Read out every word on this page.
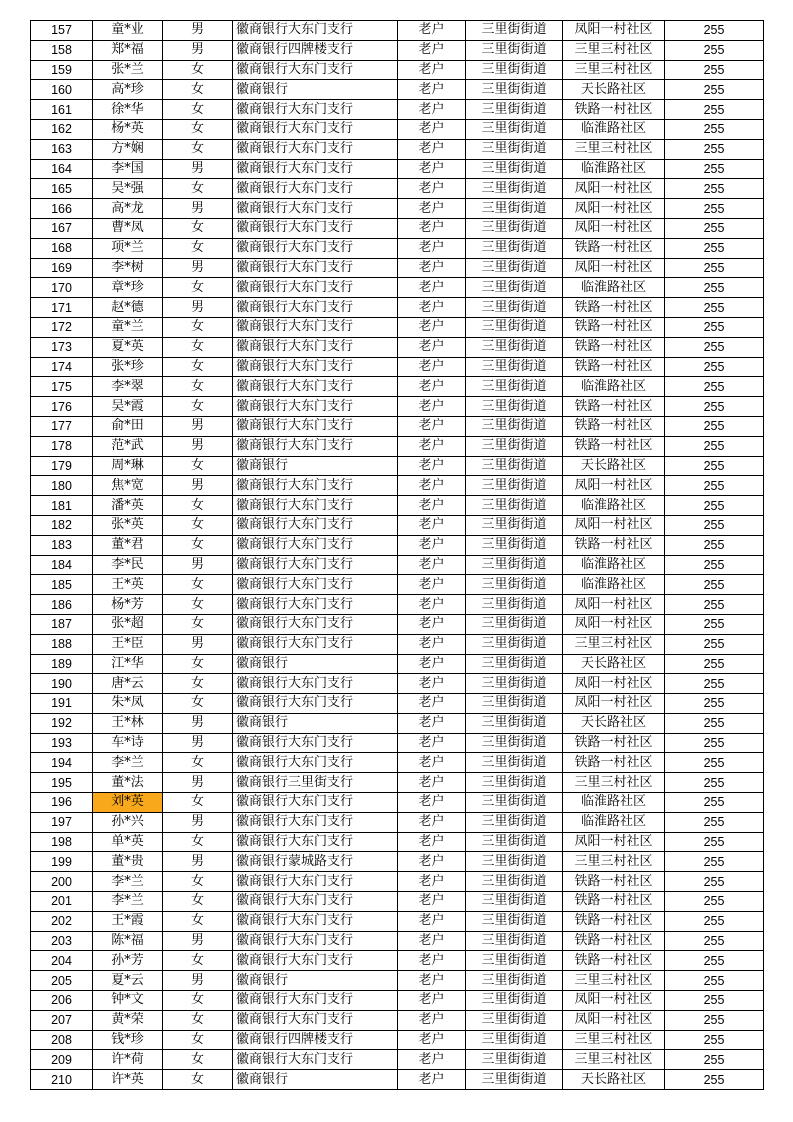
157	童*业	男	徽商银行大东门支行	老户	三里街街道	凤阳一村社区	255
158	郑*福	男	徽商银行四牌楼支行	老户	三里街街道	三里三村社区	255
159	张*兰	女	徽商银行大东门支行	老户	三里街街道	三里三村社区	255
160	高*珍	女	徽商银行	老户	三里街街道	天长路社区	255
161	徐*华	女	徽商银行大东门支行	老户	三里街街道	铁路一村社区	255
162	杨*英	女	徽商银行大东门支行	老户	三里街街道	临淮路社区	255
163	方*娴	女	徽商银行大东门支行	老户	三里街街道	三里三村社区	255
164	李*国	男	徽商银行大东门支行	老户	三里街街道	临淮路社区	255
165	吴*强	女	徽商银行大东门支行	老户	三里街街道	凤阳一村社区	255
166	高*龙	男	徽商银行大东门支行	老户	三里街街道	凤阳一村社区	255
167	曹*凤	女	徽商银行大东门支行	老户	三里街街道	凤阳一村社区	255
168	项*兰	女	徽商银行大东门支行	老户	三里街街道	铁路一村社区	255
169	李*树	男	徽商银行大东门支行	老户	三里街街道	凤阳一村社区	255
170	章*珍	女	徽商银行大东门支行	老户	三里街街道	临淮路社区	255
171	赵*德	男	徽商银行大东门支行	老户	三里街街道	铁路一村社区	255
172	童*兰	女	徽商银行大东门支行	老户	三里街街道	铁路一村社区	255
173	夏*英	女	徽商银行大东门支行	老户	三里街街道	铁路一村社区	255
174	张*珍	女	徽商银行大东门支行	老户	三里街街道	铁路一村社区	255
175	李*翠	女	徽商银行大东门支行	老户	三里街街道	临淮路社区	255
176	吴*霞	女	徽商银行大东门支行	老户	三里街街道	铁路一村社区	255
177	俞*田	男	徽商银行大东门支行	老户	三里街街道	铁路一村社区	255
178	范*武	男	徽商银行大东门支行	老户	三里街街道	铁路一村社区	255
179	周*琳	女	徽商银行	老户	三里街街道	天长路社区	255
180	焦*宽	男	徽商银行大东门支行	老户	三里街街道	凤阳一村社区	255
181	潘*英	女	徽商银行大东门支行	老户	三里街街道	临淮路社区	255
182	张*英	女	徽商银行大东门支行	老户	三里街街道	凤阳一村社区	255
183	董*君	女	徽商银行大东门支行	老户	三里街街道	铁路一村社区	255
184	李*民	男	徽商银行大东门支行	老户	三里街街道	临淮路社区	255
185	王*英	女	徽商银行大东门支行	老户	三里街街道	临淮路社区	255
186	杨*芳	女	徽商银行大东门支行	老户	三里街街道	凤阳一村社区	255
187	张*超	女	徽商银行大东门支行	老户	三里街街道	凤阳一村社区	255
188	王*臣	男	徽商银行大东门支行	老户	三里街街道	三里三村社区	255
189	江*华	女	徽商银行	老户	三里街街道	天长路社区	255
190	唐*云	女	徽商银行大东门支行	老户	三里街街道	凤阳一村社区	255
191	朱*凤	女	徽商银行大东门支行	老户	三里街街道	凤阳一村社区	255
192	王*林	男	徽商银行	老户	三里街街道	天长路社区	255
193	车*诗	男	徽商银行大东门支行	老户	三里街街道	铁路一村社区	255
194	李*兰	女	徽商银行大东门支行	老户	三里街街道	铁路一村社区	255
195	董*法	男	徽商银行三里街支行	老户	三里街街道	三里三村社区	255
196	刘*英	女	徽商银行大东门支行	老户	三里街街道	临淮路社区	255
197	孙*兴	男	徽商银行大东门支行	老户	三里街街道	临淮路社区	255
198	单*英	女	徽商银行大东门支行	老户	三里街街道	凤阳一村社区	255
199	董*贵	男	徽商银行蒙城路支行	老户	三里街街道	三里三村社区	255
200	李*兰	女	徽商银行大东门支行	老户	三里街街道	铁路一村社区	255
201	李*兰	女	徽商银行大东门支行	老户	三里街街道	铁路一村社区	255
202	王*霞	女	徽商银行大东门支行	老户	三里街街道	铁路一村社区	255
203	陈*福	男	徽商银行大东门支行	老户	三里街街道	铁路一村社区	255
204	孙*芳	女	徽商银行大东门支行	老户	三里街街道	铁路一村社区	255
205	夏*云	男	徽商银行	老户	三里街街道	三里三村社区	255
206	钟*文	女	徽商银行大东门支行	老户	三里街街道	凤阳一村社区	255
207	黄*荣	女	徽商银行大东门支行	老户	三里街街道	凤阳一村社区	255
208	钱*珍	女	徽商银行四牌楼支行	老户	三里街街道	三里三村社区	255
209	许*荷	女	徽商银行大东门支行	老户	三里街街道	三里三村社区	255
210	许*英	女	徽商银行	老户	三里街街道	天长路社区	255
